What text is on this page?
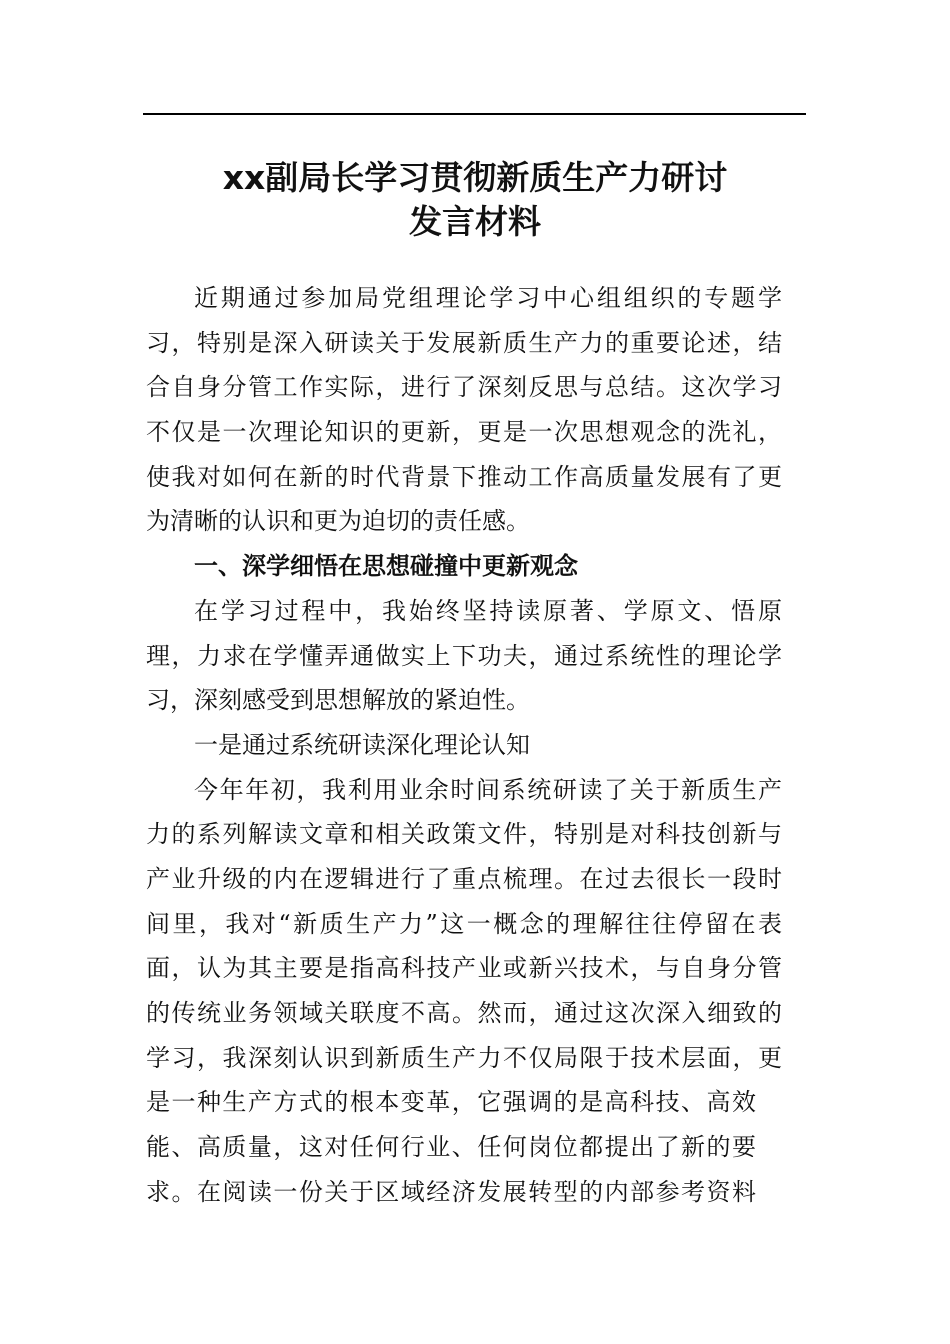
xx副局长学习贯彻新质生产力研讨
发言材料
近期通过参加局党组理论学习中心组组织的专题学
习，特别是深入研读关于发展新质生产力的重要论述，结
合自身分管工作实际，进行了深刻反思与总结。这次学习
不仅是一次理论知识的更新，更是一次思想观念的洗礼，
使我对如何在新的时代背景下推动工作高质量发展有了更
为清晰的认识和更为迫切的责任感。
一、深学细悟在思想碰撞中更新观念
在学习过程中，我始终坚持读原著、学原文、悟原
理，力求在学懂弄通做实上下功夫，通过系统性的理论学
习，深刻感受到思想解放的紧迫性。
一是通过系统研读深化理论认知
今年年初，我利用业余时间系统研读了关于新质生产
力的系列解读文章和相关政策文件，特别是对科技创新与
产业升级的内在逻辑进行了重点梳理。在过去很长一段时
间里，我对“新质生产力”这一概念的理解往往停留在表
面，认为其主要是指高科技产业或新兴技术，与自身分管
的传统业务领域关联度不高。然而，通过这次深入细致的
学习，我深刻认识到新质生产力不仅局限于技术层面，更
是一种生产方式的根本变革，它强调的是高科技、高效
能、高质量，这对任何行业、任何岗位都提出了新的要
求。在阅读一份关于区域经济发展转型的内部参考资料
